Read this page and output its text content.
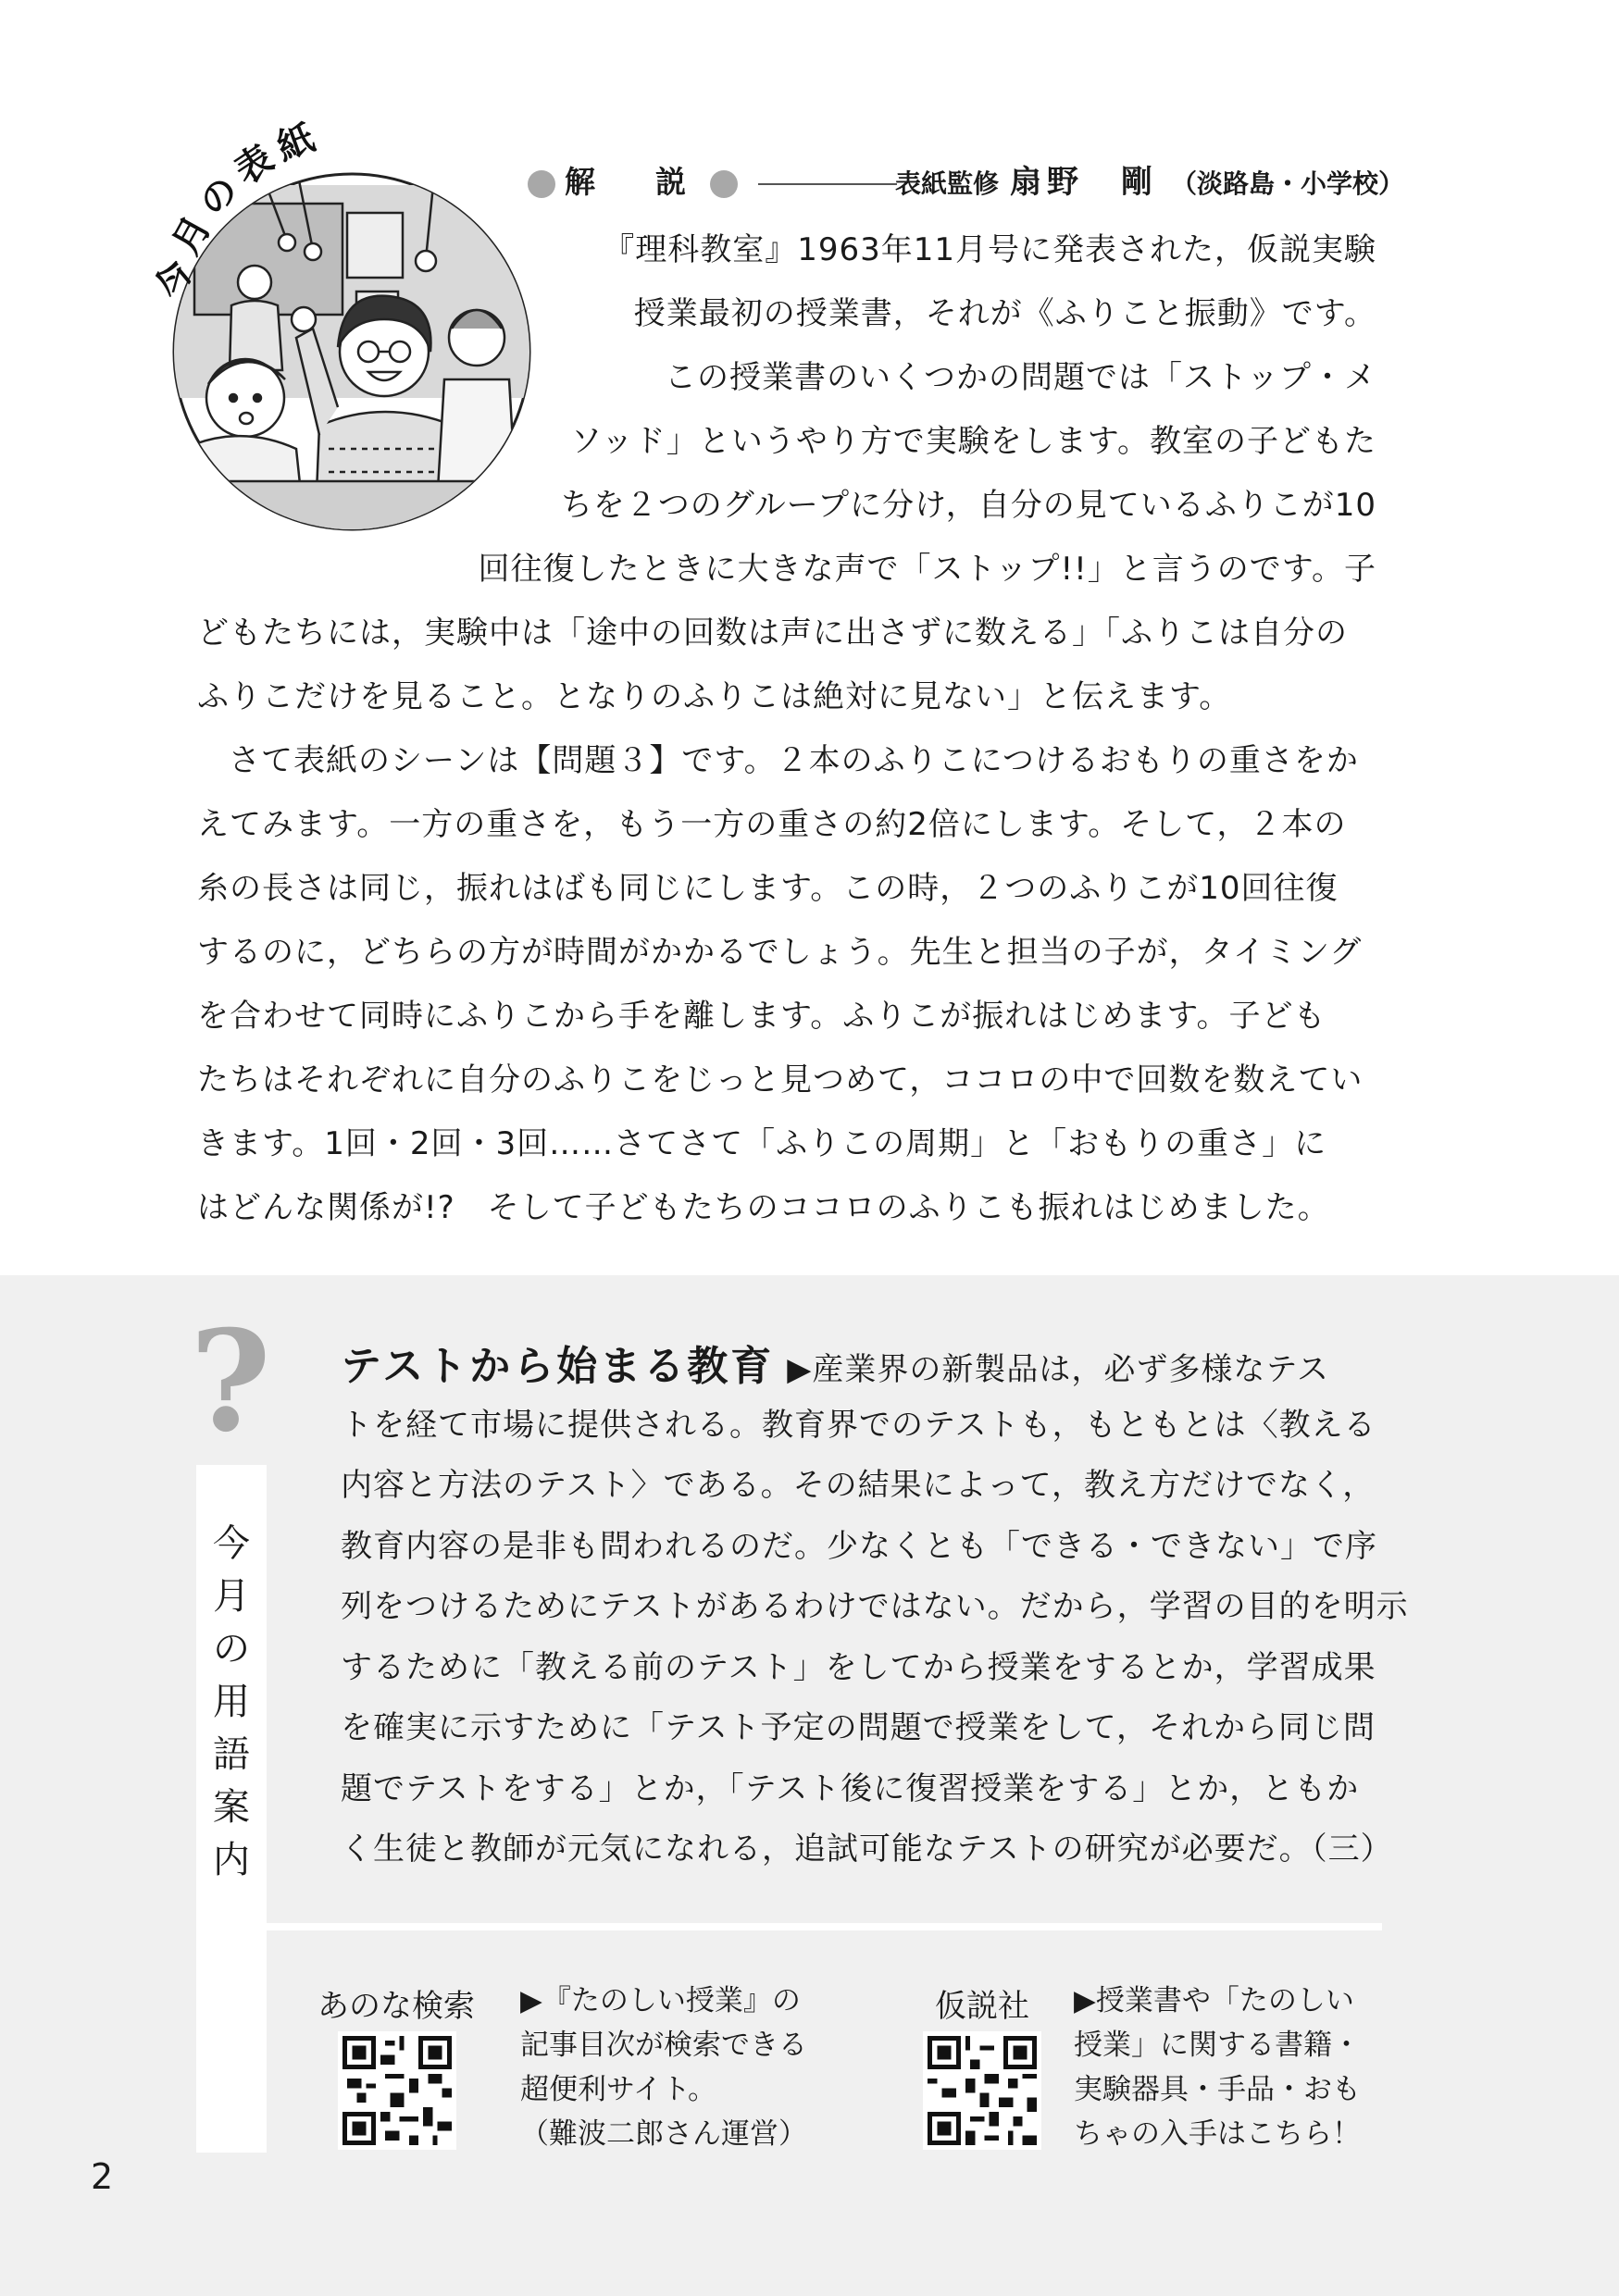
今月の表紙
解　説	表紙監修 扇野　剛 （淡路島・小学校）
『理科教室』1963年11月号に発表された，仮説実験
授業最初の授業書，それが《ふりこと振動》です。
この授業書のいくつかの問題では「ストップ・メ
ソッド」というやり方で実験をします。教室の子どもた
ちを２つのグループに分け，自分の見ているふりこが10
回往復したときに大きな声で「ストップ!!」と言うのです。子
どもたちには，実験中は「途中の回数は声に出さずに数える」「ふりこは自分の
ふりこだけを見ること。となりのふりこは絶対に見ない」と伝えます。
さて表紙のシーンは【問題３】です。２本のふりこにつけるおもりの重さをか
えてみます。一方の重さを，もう一方の重さの約2倍にします。そして，２本の
糸の長さは同じ，振れはばも同じにします。この時，２つのふりこが10回往復
するのに，どちらの方が時間がかかるでしょう。先生と担当の子が，タイミング
を合わせて同時にふりこから手を離します。ふりこが振れはじめます。子ども
たちはそれぞれに自分のふりこをじっと見つめて，ココロの中で回数を数えてい
きます。1回・2回・3回……さてさて「ふりこの周期」と「おもりの重さ」に
はどんな関係が!?　そして子どもたちのココロのふりこも振れはじめました。
?
今
月
の
用
語
案
内
テストから始まる教育 ▶産業界の新製品は，必ず多様なテス
トを経て市場に提供される。教育界でのテストも，もともとは〈教える
内容と方法のテスト〉である。その結果によって，教え方だけでなく，
教育内容の是非も問われるのだ。少なくとも「できる・できない」で序
列をつけるためにテストがあるわけではない。だから，学習の目的を明示
するために「教える前のテスト」をしてから授業をするとか，学習成果
を確実に示すために「テスト予定の問題で授業をして，それから同じ問
題でテストをする」とか，「テスト後に復習授業をする」とか，ともか
く生徒と教師が元気になれる，追試可能なテストの研究が必要だ。（三）
あのな検索 ▶『たのしい授業』の
記事目次が検索できる
超便利サイト。
（難波二郎さん運営）
仮説社 ▶授業書や「たのしい
授業」に関する書籍・
実験器具・手品・おも
ちゃの入手はこちら！
2
